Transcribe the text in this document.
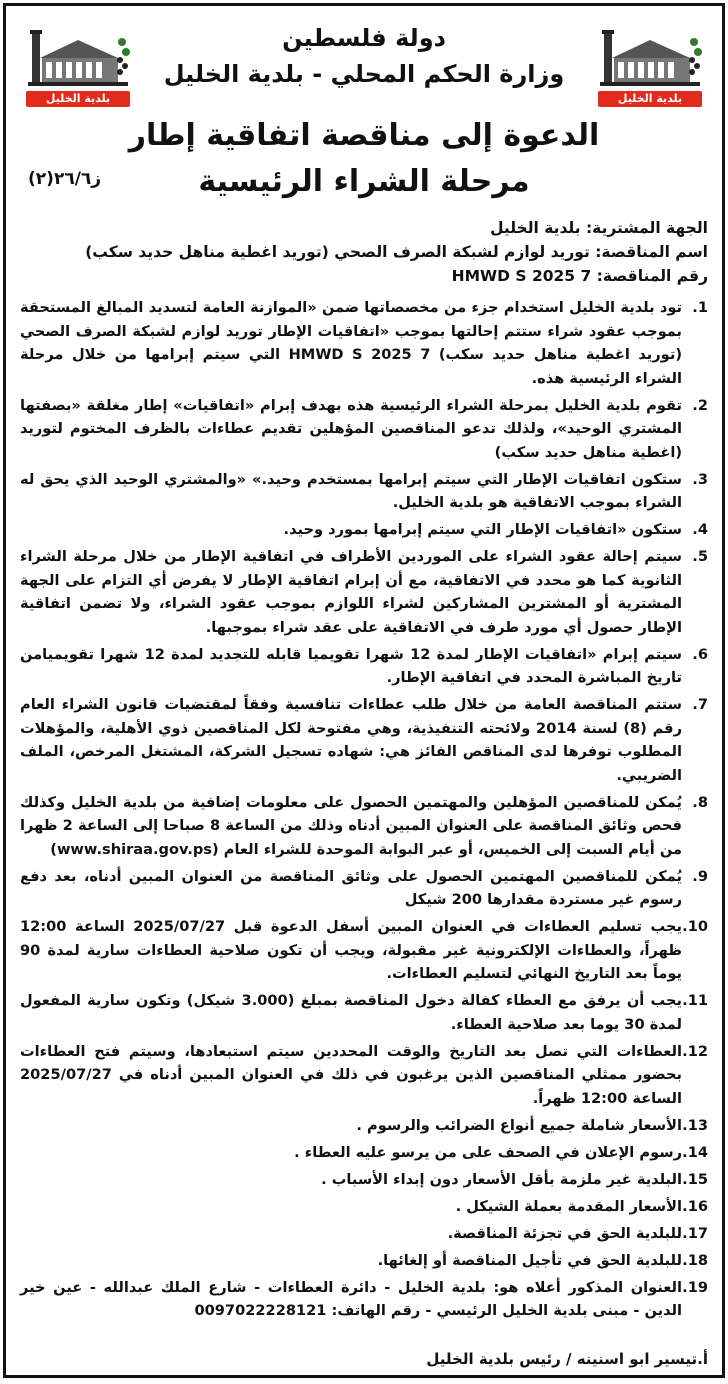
بلدية الخليل
بلدية الخليل
دولة فلسطين
وزارة الحكم المحلي - بلدية الخليل
الدعوة إلى مناقصة اتفاقية إطار
مرحلة الشراء الرئيسية
ز٢٦/٦(٢)
الجهة المشترية: بلدية الخليل
اسم المناقصة: توريد لوازم لشبكة الصرف الصحي (توريد اغطية مناهل حديد سكب)
رقم المناقصة: HMWD S 2025 7
1.
تود بلدية الخليل استخدام جزء من مخصصاتها ضمن «الموازنة العامة لتسديد المبالغ المستحقة بموجب عقود شراء ستتم إحالتها بموجب «اتفاقيات الإطار توريد لوازم لشبكة الصرف الصحي (توريد اغطية مناهل حديد سكب) HMWD S 2025 7 التي سيتم إبرامها من خلال مرحلة الشراء الرئيسية هذه.
2.
تقوم بلدية الخليل بمرحلة الشراء الرئيسية هذه بهدف إبرام «اتفاقيات» إطار مغلقة «بصفتها المشتري الوحيد»، ولذلك تدعو المناقصين المؤهلين تقديم عطاءات بالظرف المختوم لتوريد (اغطية مناهل حديد سكب)
3.
ستكون اتفاقيات الإطار التي سيتم إبرامها بمستخدم وحيد.» «والمشتري الوحيد الذي يحق له الشراء بموجب الاتفاقية هو بلدية الخليل.
4.
ستكون «اتفاقيات الإطار التي سيتم إبرامها بمورد وحيد.
5.
سيتم إحالة عقود الشراء على الموردين الأطراف في اتفاقية الإطار من خلال مرحلة الشراء الثانوية كما هو محدد في الاتفاقية، مع أن إبرام اتفاقية الإطار لا يفرض أي التزام على الجهة المشترية أو المشترين المشاركين لشراء اللوازم بموجب عقود الشراء، ولا تضمن اتفاقية الإطار حصول أي مورد طرف في الاتفاقية على عقد شراء بموجبها.
6.
سيتم إبرام «اتفاقيات الإطار لمدة 12 شهرا تقويميا قابله للتجديد لمدة 12 شهرا تقويميامن تاريخ المباشرة المحدد في اتفاقية الإطار.
7.
ستتم المناقصة العامة من خلال طلب عطاءات تنافسية وفقاً لمقتضيات قانون الشراء العام رقم (8) لسنة 2014 ولائحته التنفيذية، وهي مفتوحة لكل المناقصين ذوي الأهلية، والمؤهلات المطلوب توفرها لدى المناقص الفائز هي: شهاده تسجيل الشركة، المشتغل المرخص، الملف الضريبي.
8.
يُمكن للمناقصين المؤهلين والمهتمين الحصول على معلومات إضافية من بلدية الخليل وكذلك فحص وثائق المناقصة على العنوان المبين أدناه وذلك من الساعة 8 صباحا إلى الساعة 2 ظهرا من أيام السبت إلى الخميس، أو عبر البوابة الموحدة للشراء العام (www.shiraa.gov.ps)
9.
يُمكن للمناقصين المهتمين الحصول على وثائق المناقصة من العنوان المبين أدناه، بعد دفع رسوم غير مستردة مقدارها 200 شيكل
10.
يجب تسليم العطاءات في العنوان المبين أسفل الدعوة قبل 2025/07/27 الساعة 12:00 ظهراً، والعطاءات الإلكترونية غير مقبولة، ويجب أن تكون صلاحية العطاءات سارية لمدة 90 يوماً بعد التاريخ النهائي لتسليم العطاءات.
11.
يجب أن يرفق مع العطاء كفالة دخول المناقصة بمبلغ (3.000 شيكل) وتكون سارية المفعول لمدة 30 يوما بعد صلاحية العطاء.
12.
العطاءات التي تصل بعد التاريخ والوقت المحددين سيتم استبعادها، وسيتم فتح العطاءات بحضور ممثلي المناقصين الذين يرغبون في ذلك في العنوان المبين أدناه في 2025/07/27 الساعة 12:00 ظهراً.
13.
الأسعار شاملة جميع أنواع الضرائب والرسوم .
14.
رسوم الإعلان في الصحف على من يرسو عليه العطاء .
15.
البلدية غير ملزمة بأقل الأسعار دون إبداء الأسباب .
16.
الأسعار المقدمة بعملة الشيكل .
17.
للبلدية الحق في تجزئة المناقصة.
18.
للبلدية الحق في تأجيل المناقصة أو إلغائها.
19.
العنوان المذكور أعلاه هو: بلدية الخليل - دائرة العطاءات - شارع الملك عبدالله - عين خير الدين - مبنى بلدية الخليل الرئيسي - رقم الهاتف: 0097022228121
أ.تيسير ابو اسنينه / رئيس بلدية الخليل
